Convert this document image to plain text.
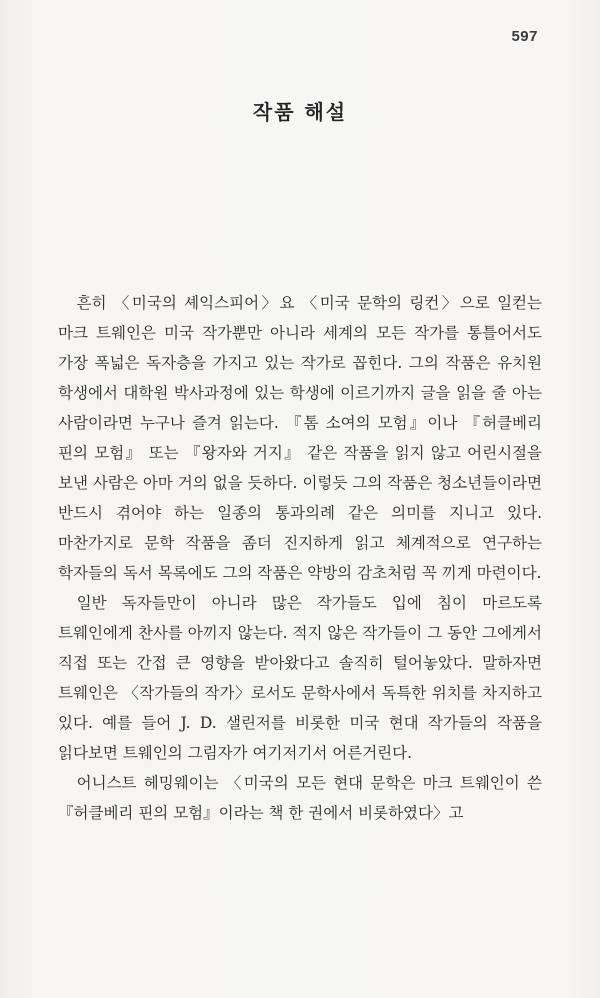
597
작품 해설

흔히 〈미국의 셰익스피어〉요 〈미국 문학의 링컨〉으로 일컫는 마크 트웨인은 미국 작가뿐만 아니라 세계의 모든 작가를 통틀어서도 가장 폭넓은 독자층을 가지고 있는 작가로 꼽힌다. 그의 작품은 유치원 학생에서 대학원 박사과정에 있는 학생에 이르기까지 글을 읽을 줄 아는 사람이라면 누구나 즐겨 읽는다. 『톰 소여의 모험』이나 『허클베리 핀의 모험』 또는 『왕자와 거지』 같은 작품을 읽지 않고 어린시절을 보낸 사람은 아마 거의 없을 듯하다. 이렇듯 그의 작품은 청소년들이라면 반드시 겪어야 하는 일종의 통과의례 같은 의미를 지니고 있다. 마찬가지로 문학 작품을 좀더 진지하게 읽고 체계적으로 연구하는 학자들의 독서 목록에도 그의 작품은 약방의 감초처럼 꼭 끼게 마련이다.

일반 독자들만이 아니라 많은 작가들도 입에 침이 마르도록 트웨인에게 찬사를 아끼지 않는다. 적지 않은 작가들이 그 동안 그에게서 직접 또는 간접 큰 영향을 받아왔다고 솔직히 털어놓았다. 말하자면 트웨인은 〈작가들의 작가〉로서도 문학사에서 독특한 위치를 차지하고 있다. 예를 들어 J. D. 샐린저를 비롯한 미국 현대 작가들의 작품을 읽다보면 트웨인의 그림자가 여기저기서 어른거린다.

어니스트 헤밍웨이는 〈미국의 모든 현대 문학은 마크 트웨인이 쓴 『허클베리 핀의 모험』이라는 책 한 권에서 비롯하였다〉고
